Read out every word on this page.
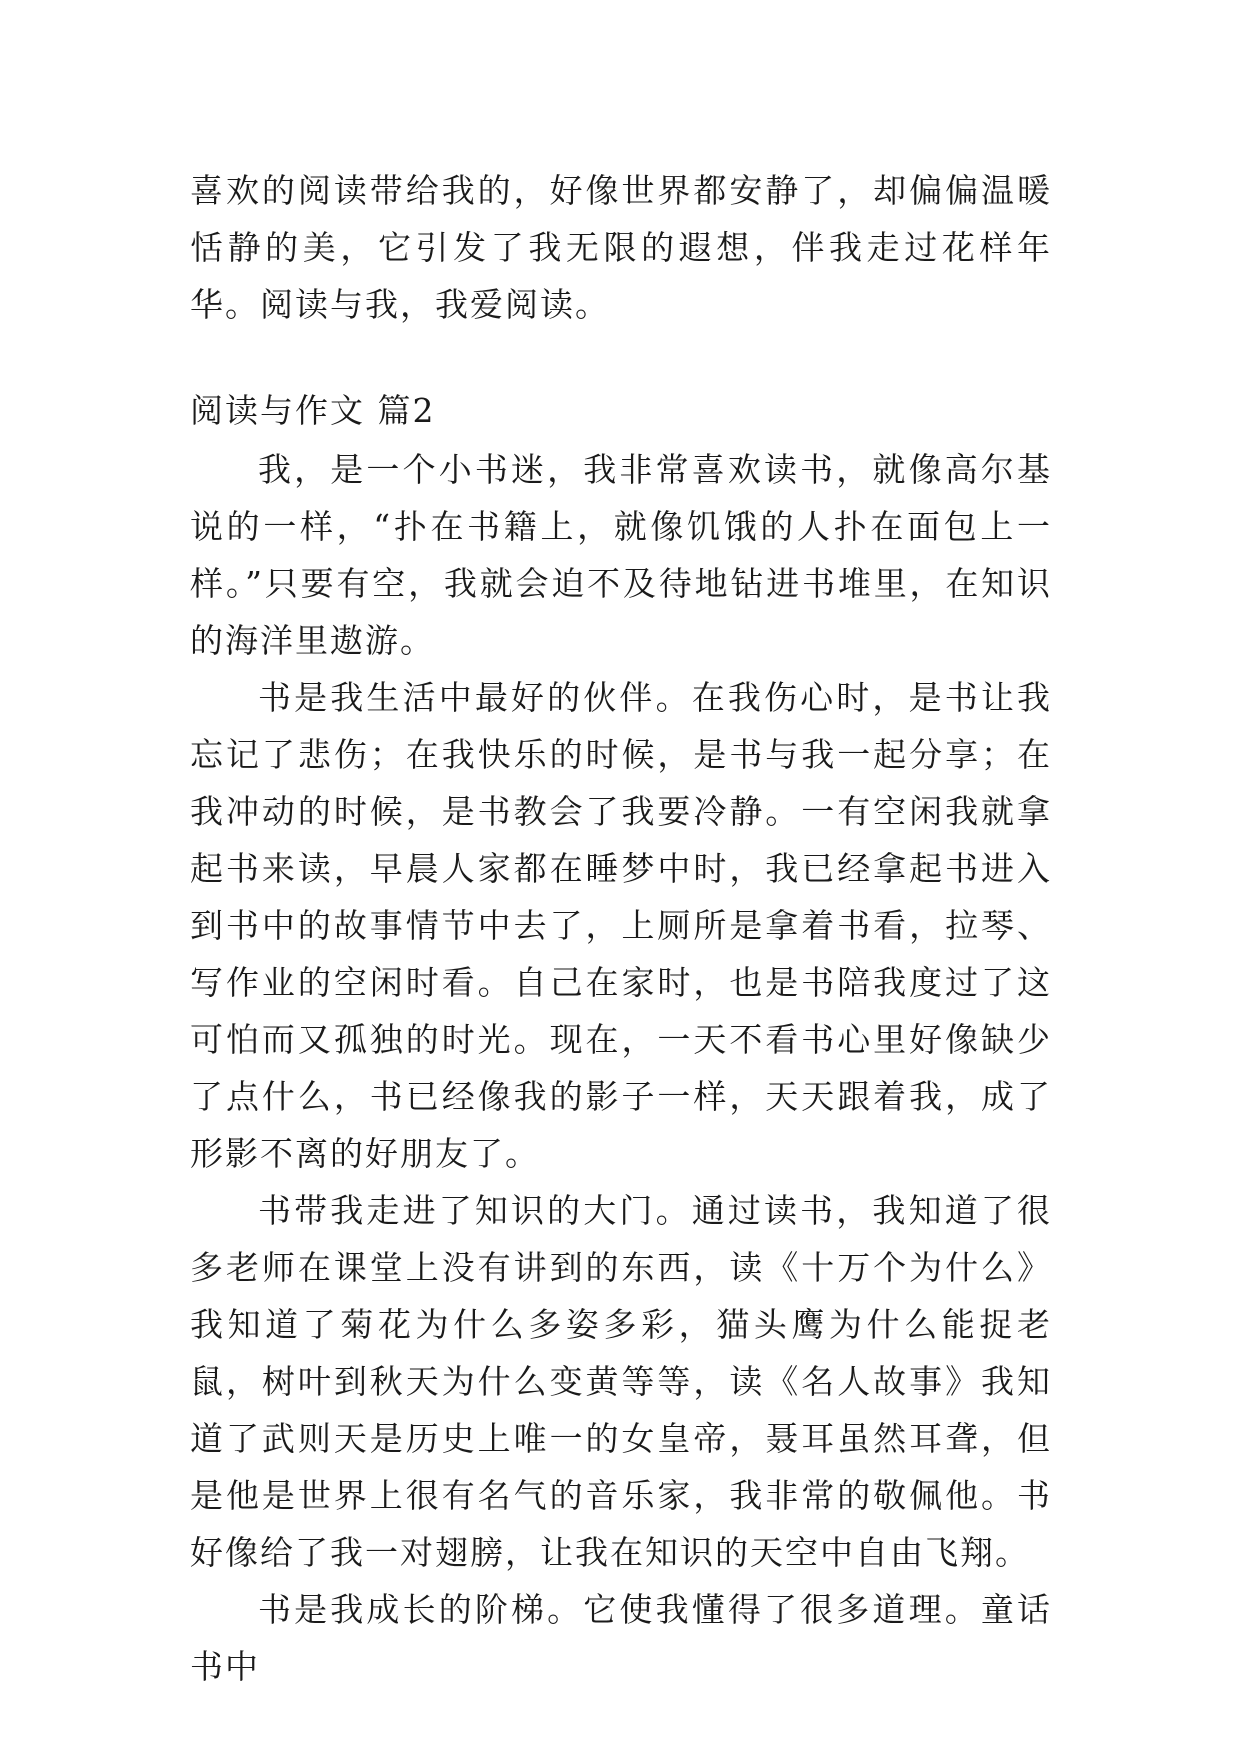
喜欢的阅读带给我的，好像世界都安静了，却偏偏温暖恬静的美，它引发了我无限的遐想，伴我走过花样年华。阅读与我，我爱阅读。

阅读与作文 篇2

我，是一个小书迷，我非常喜欢读书，就像高尔基说的一样，“扑在书籍上，就像饥饿的人扑在面包上一样。”只要有空，我就会迫不及待地钻进书堆里，在知识的海洋里遨游。

书是我生活中最好的伙伴。在我伤心时，是书让我忘记了悲伤；在我快乐的时候，是书与我一起分享；在我冲动的时候，是书教会了我要冷静。一有空闲我就拿起书来读，早晨人家都在睡梦中时，我已经拿起书进入到书中的故事情节中去了，上厕所是拿着书看，拉琴、写作业的空闲时看。自己在家时，也是书陪我度过了这可怕而又孤独的时光。现在，一天不看书心里好像缺少了点什么，书已经像我的影子一样，天天跟着我，成了形影不离的好朋友了。

书带我走进了知识的大门。通过读书，我知道了很多老师在课堂上没有讲到的东西，读《十万个为什么》我知道了菊花为什么多姿多彩，猫头鹰为什么能捉老鼠，树叶到秋天为什么变黄等等，读《名人故事》我知道了武则天是历史上唯一的女皇帝，聂耳虽然耳聋，但是他是世界上很有名气的音乐家，我非常的敬佩他。书好像给了我一对翅膀，让我在知识的天空中自由飞翔。

书是我成长的阶梯。它使我懂得了很多道理。童话书中
